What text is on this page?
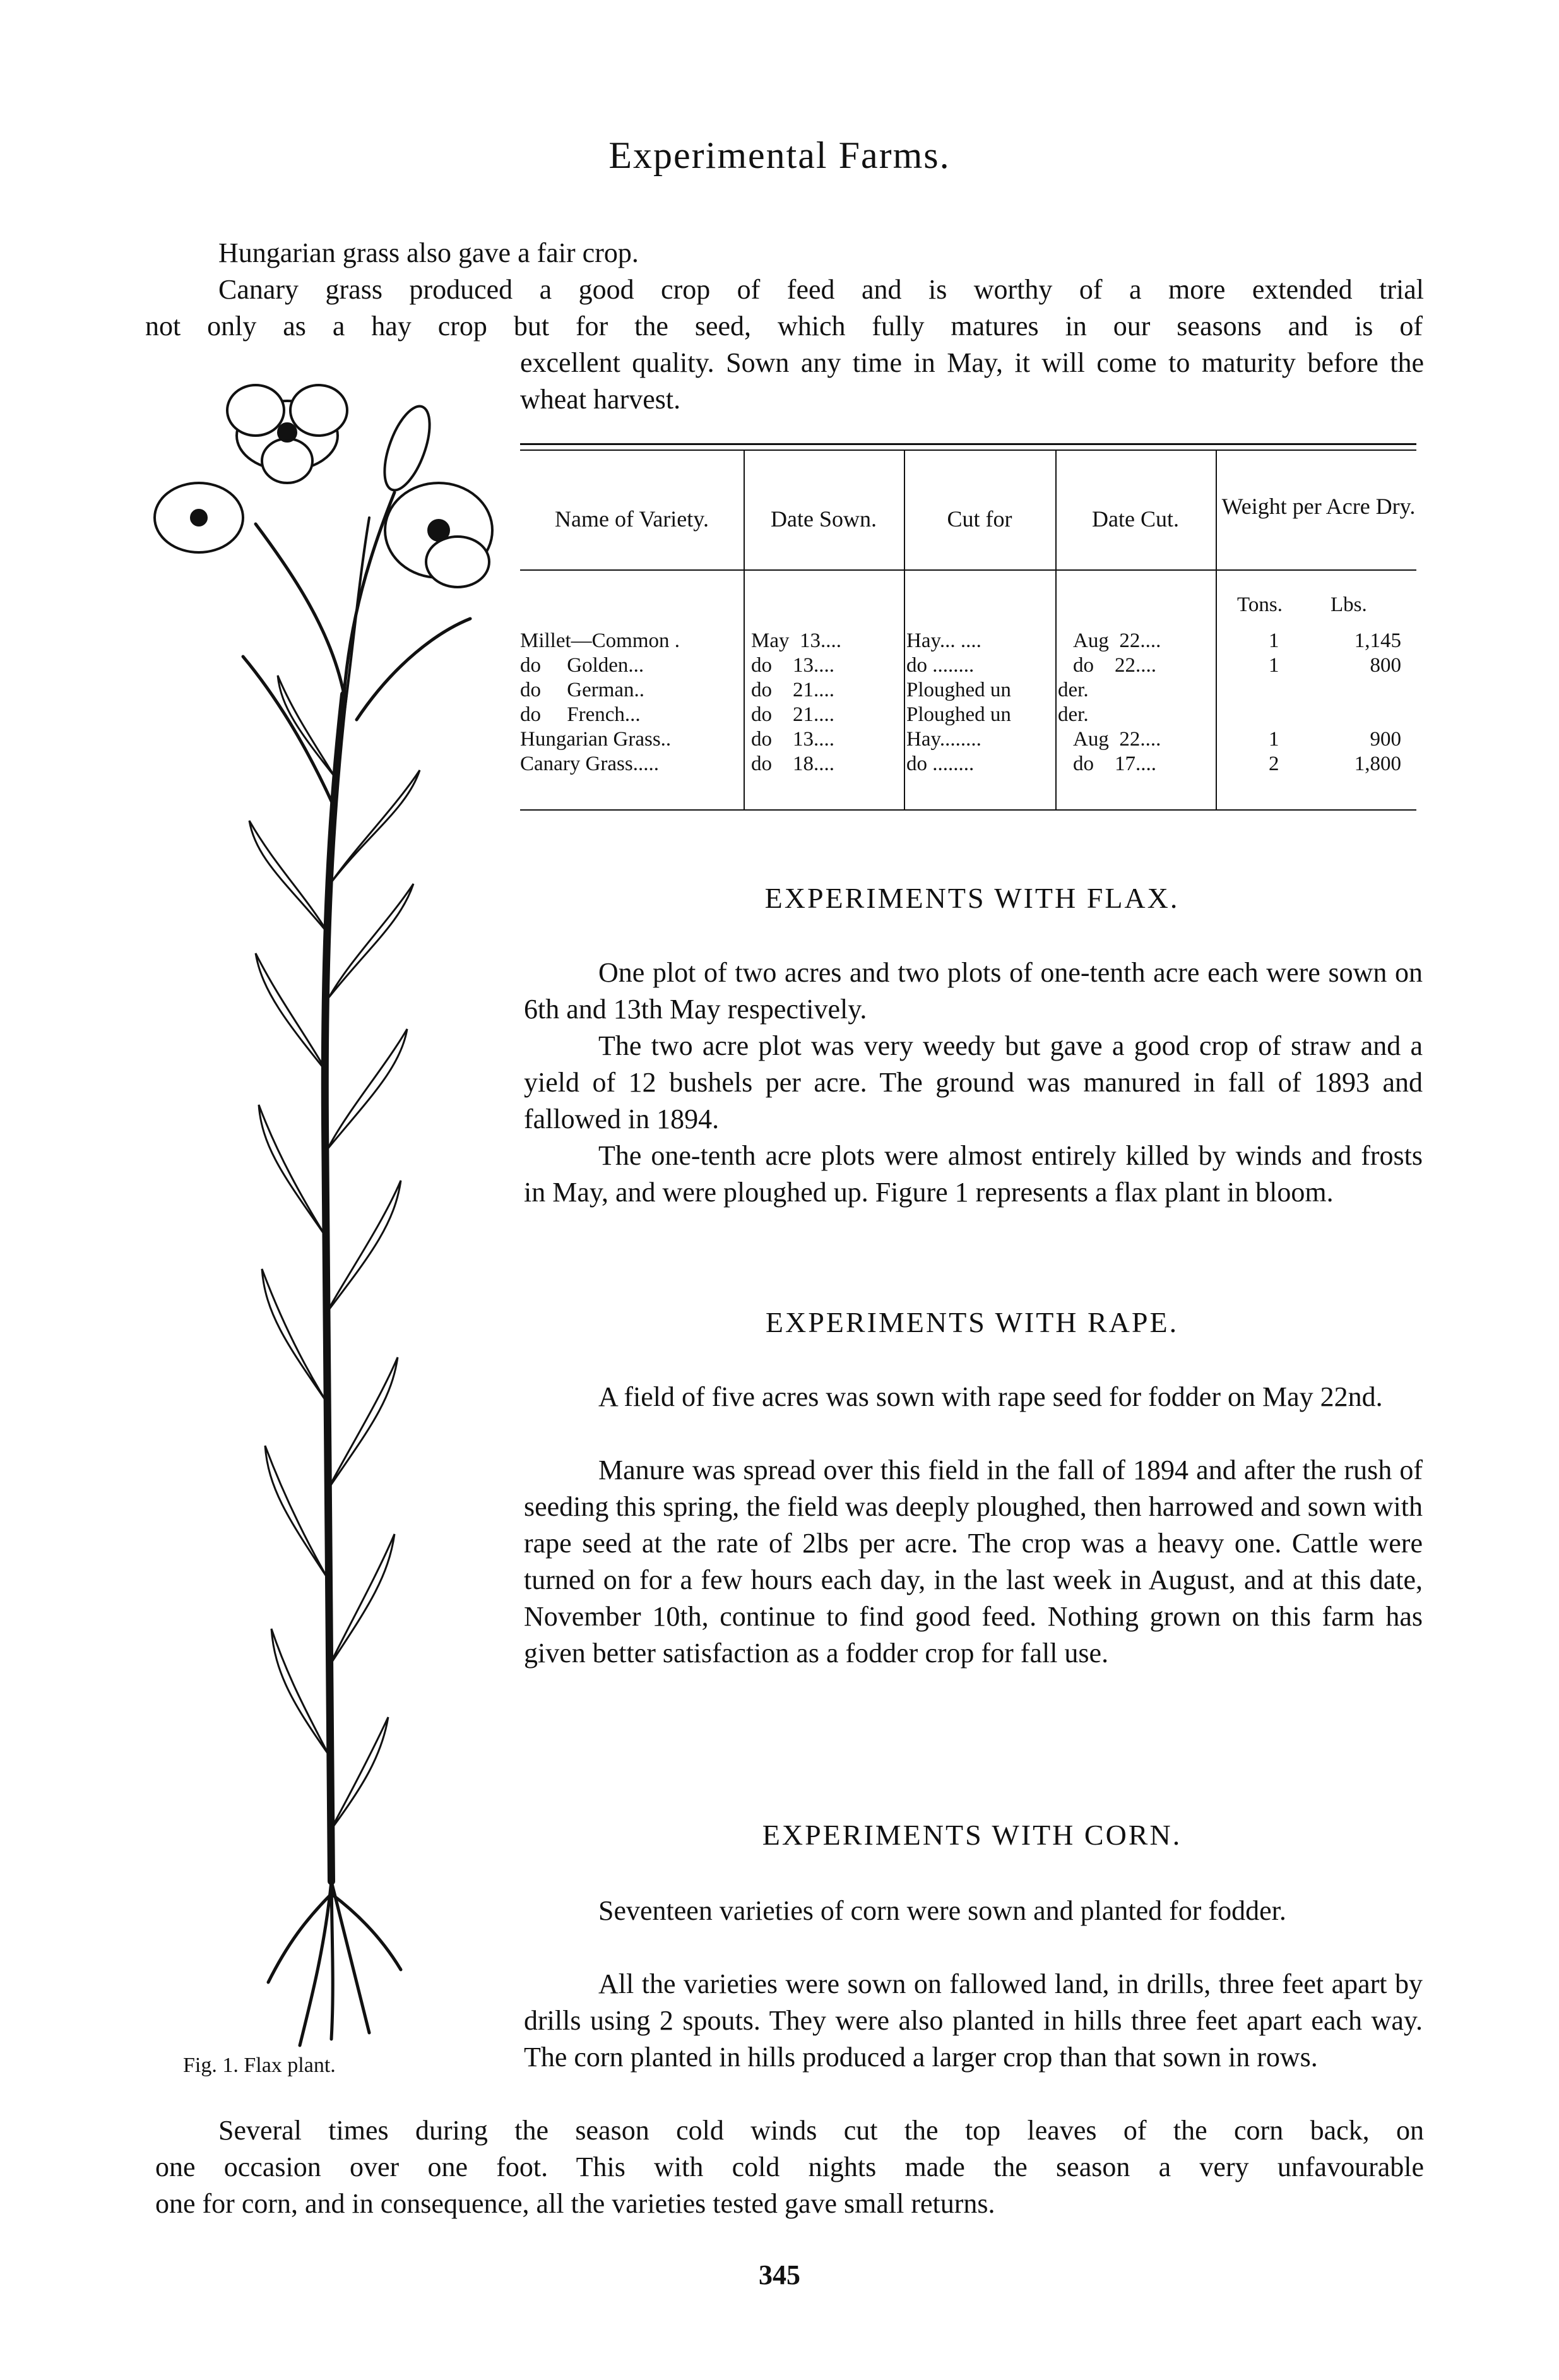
Experimental Farms.
Hungarian grass also gave a fair crop.
Canary grass produced a good crop of feed and is worthy of a more extended trial
not only as a hay crop but for the seed, which fully matures in our seasons and is of
excellent quality. Sown any time in May, it will come to maturity before the wheat harvest.
Fig. 1. Flax plant.
Name of Variety.	Date Sown.	Cut for	Date Cut.	Weight per Acre Dry.
Tons. Lbs.
Millet—Common .	May  13....	Hay... ....	Aug  22....	1	1,145
do     Golden...	do    13....	do ........	do    22....	1	800
do     German..	do    21....	Ploughed un der.
do     French...	do    21....	Ploughed un der.
Hungarian Grass..	do    13....	Hay........	Aug  22....	1	900
Canary Grass.....	do    18....	do ........	do    17....	2	1,800
EXPERIMENTS WITH FLAX.
One plot of two acres and two plots of one-tenth acre each were sown on 6th and 13th May respectively.
The two acre plot was very weedy but gave a good crop of straw and a yield of 12 bushels per acre. The ground was manured in fall of 1893 and fallowed in 1894.
The one-tenth acre plots were almost entirely killed by winds and frosts in May, and were ploughed up. Figure 1 represents a flax plant in bloom.
EXPERIMENTS WITH RAPE.
A field of five acres was sown with rape seed for fodder on May 22nd.
Manure was spread over this field in the fall of 1894 and after the rush of seeding this spring, the field was deeply ploughed, then harrowed and sown with rape seed at the rate of 2lbs per acre. The crop was a heavy one. Cattle were turned on for a few hours each day, in the last week in August, and at this date, November 10th, continue to find good feed. Nothing grown on this farm has given better satisfaction as a fodder crop for fall use.
EXPERIMENTS WITH CORN.
Seventeen varieties of corn were sown and planted for fodder.
All the varieties were sown on fallowed land, in drills, three feet apart by drills using 2 spouts. They were also planted in hills three feet apart each way. The corn planted in hills produced a larger crop than that sown in rows.
Several times during the season cold winds cut the top leaves of the corn back, on
one occasion over one foot. This with cold nights made the season a very unfavourable
one for corn, and in consequence, all the varieties tested gave small returns.
345
